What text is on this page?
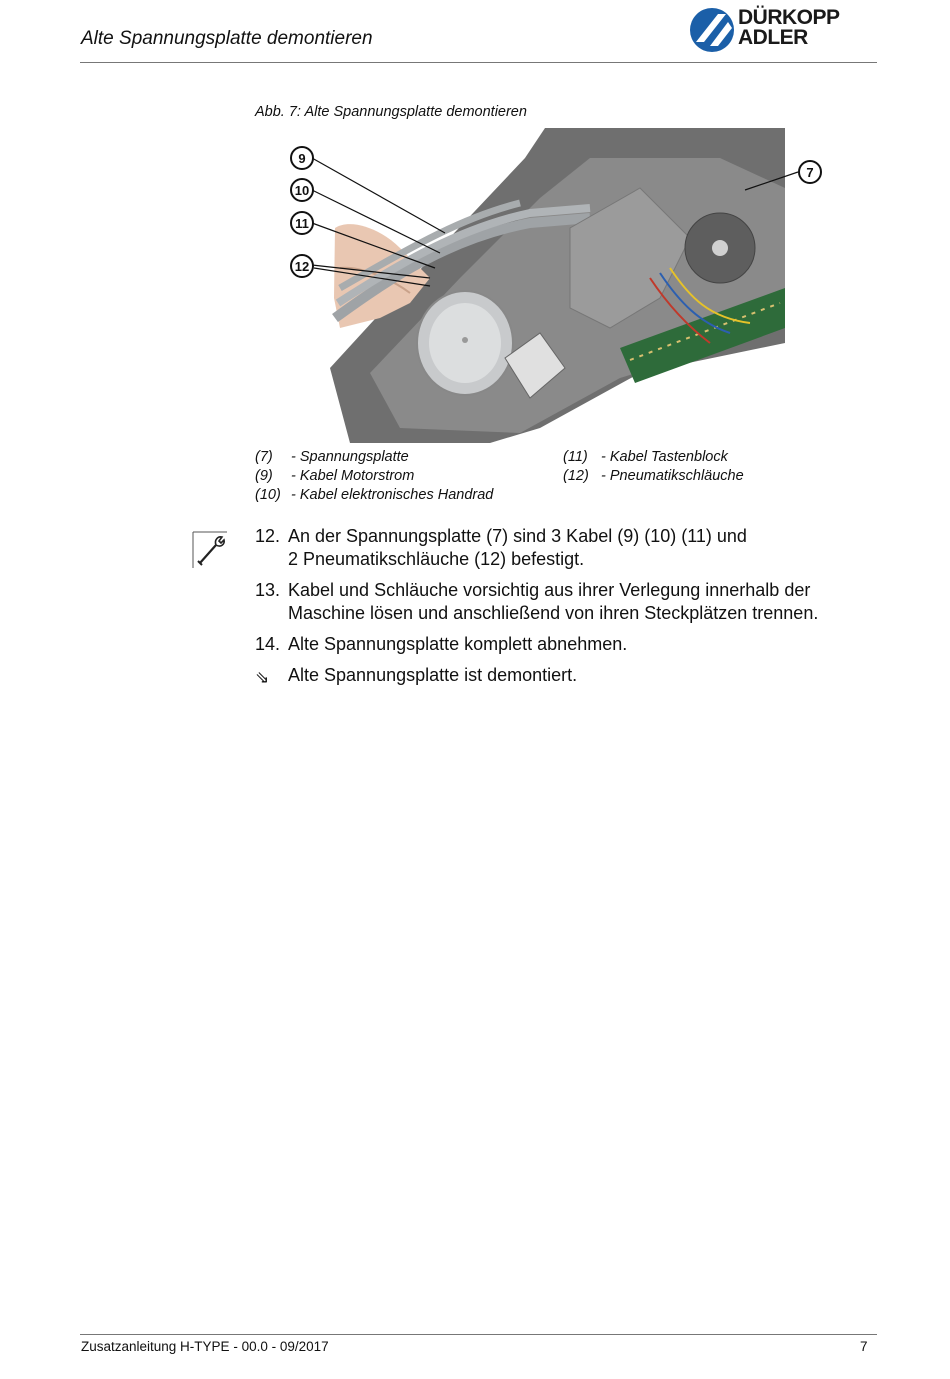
Alte Spannungsplatte demontieren
DÜRKOPP
ADLER
Abb. 7: Alte Spannungsplatte demontieren
9
10
11
12
7
(7) - Spannungsplatte
(9) - Kabel Motorstrom
(10) - Kabel elektronisches Handrad
(11) - Kabel Tastenblock
(12) - Pneumatikschläuche
12. An der Spannungsplatte (7) sind 3 Kabel (9) (10) (11) und
2 Pneumatikschläuche (12) befestigt.
13. Kabel und Schläuche vorsichtig aus ihrer Verlegung innerhalb der
Maschine lösen und anschließend von ihren Steckplätzen trennen.
14. Alte Spannungsplatte komplett abnehmen.
⇘ Alte Spannungsplatte ist demontiert.
Zusatzanleitung H-TYPE - 00.0 - 09/2017	7
